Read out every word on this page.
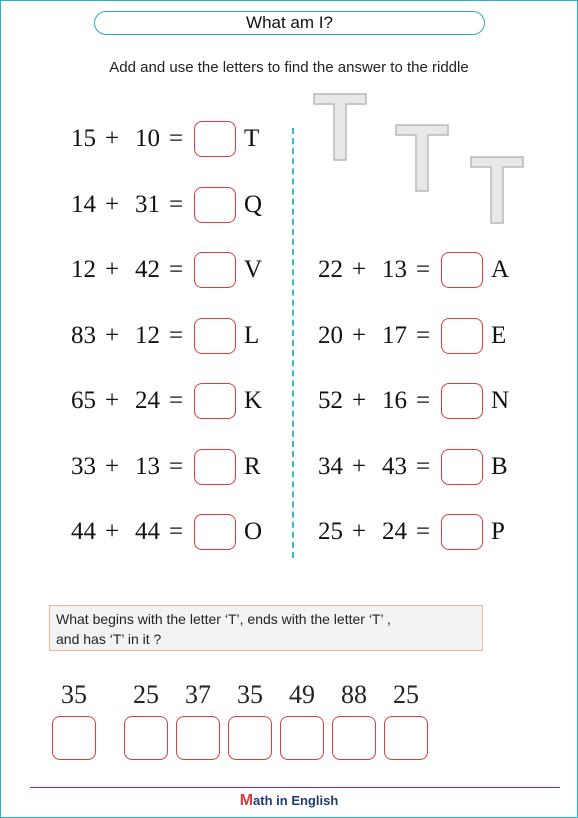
What am I?
Add and use the letters to find the answer to the riddle
15 + 10 = T
14 + 31 = Q
12 + 42 = V
83 + 12 = L
65 + 24 = K
33 + 13 = R
44 + 44 = O
22 + 13 = A
20 + 17 = E
52 + 16 = N
34 + 43 = B
25 + 24 = P
What begins with the letter ‘T’, ends with the letter ‘T’ ,
and has ‘T’ in it ?
35	25	37	35	49	88	25
Math in English
